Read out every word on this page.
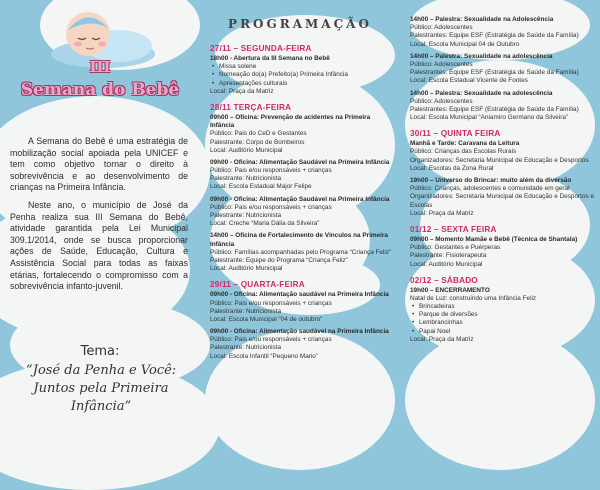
III
Semana do Bebê

A Semana do Bebê é uma estratégia de mobilização social apoiada pela UNICEF e tem como objetivo tornar o direito à sobrevivência e ao desenvolvimento de crianças na Primeira Infância.

Neste ano, o município de José da Penha realiza sua III Semana do Bebê, atividade garantida pela Lei Municipal 309.1/2014, onde se busca proporcionar ações de Saúde, Educação, Cultura e Assistência Social para todas as faixas etárias, fortalecendo o compromisso com a sobrevivência infanto-juvenil.

Tema:
“José da Penha e Você:
Juntos pela Primeira
Infância”
PROGRAMAÇÃO
27/11 – SEGUNDA-FEIRA
18h00 - Abertura da III Semana no Bebê
• Missa solene
• Nomeação do(a) Prefeito(a) Primeira Infância
• Apresentações culturais
Local: Praça da Matriz
28/11 TERÇA-FEIRA
09h00 – Oficina: Prevenção de acidentes na Primeira Infância
Público: Pais do CeD e Gestantes
Palestrante: Corpo de Bombeiros
Local: Auditório Municipal
09h00 - Oficina: Alimentação Saudável na Primeira Infância
Público: Pais e/ou responsáveis + crianças
Palestrante: Nutricionista
Local: Escola Estadual Major Felipe
09h00 - Oficina: Alimentação Saudável na Primeira Infância
Público: Pais e/ou responsáveis + crianças
Palestrante: Nutricionista
Local: Creche “Maria Dália da Silveira”
14h00 – Oficina de Fortalecimento de Vínculos na Primeira Infância
Público: Famílias acompanhadas pelo Programa “Criança Feliz”
Palestrante: Equipe do Programa “Criança Feliz”
Local: Auditório Municipal
29/11 – QUARTA-FEIRA
09h00 - Oficina: Alimentação saudável na Primeira Infância
Público: Pais e/ou responsáveis + crianças
Palestrante: Nutricionista
Local: Escola Municipal “04 de outubro”
09h00 - Oficina: Alimentação saudável na Primeira Infância
Público: Pais e/ou responsáveis + crianças
Palestrante: Nutricionista
Local: Escola Infantil “Pequeno Mario”
14h00 – Palestra: Sexualidade na Adolescência
Público: Adolescentes
Palestrantes: Equipe ESF (Estratégia de Saúde da Família)
Local: Escola Municipal 04 de Outubro
14h00 – Palestra: Sexualidade na adolescência
Público: Adolescentes
Palestrantes: Equipe ESF (Estratégia de Saúde da Família)
Local: Escola Estadual Vicente de Fontes
14h00 – Palestra: Sexualidade na adolescência
Público: Adolescentes
Palestrantes: Equipe ESF (Estratégia de Saúde da Família)
Local: Escola Municipal “Aniamiro Germano da Silveira”
30/11 – QUINTA FEIRA
Manhã e Tarde: Caravana da Leitura
Público: Crianças das Escolas Rurais
Organizadores: Secretaria Municipal de Educação e Desportos
Local: Escolas da Zona Rural
19h00 – Universo do Brincar: muito além da diversão
Público: Crianças, adolescentes e comunidade em geral
Organizadores: Secretaria Municipal de Educação e Desportos e Escolas
Local: Praça da Matriz
01/12 – SEXTA FEIRA
09h00 – Momento Mamãe e Bebê (Técnica de Shantala)
Público: Gestantes e Puérperas
Palestrante: Fisioterapeuta
Local: Auditório Municipal
02/12 – SÁBADO
19h00 – ENCERRAMENTO
Natal de Luz: construindo uma Infância Feliz
• Brincadeiras
• Parque de diversões
• Lembrancinhas
• Papai Noel
Local: Praça da Matriz
